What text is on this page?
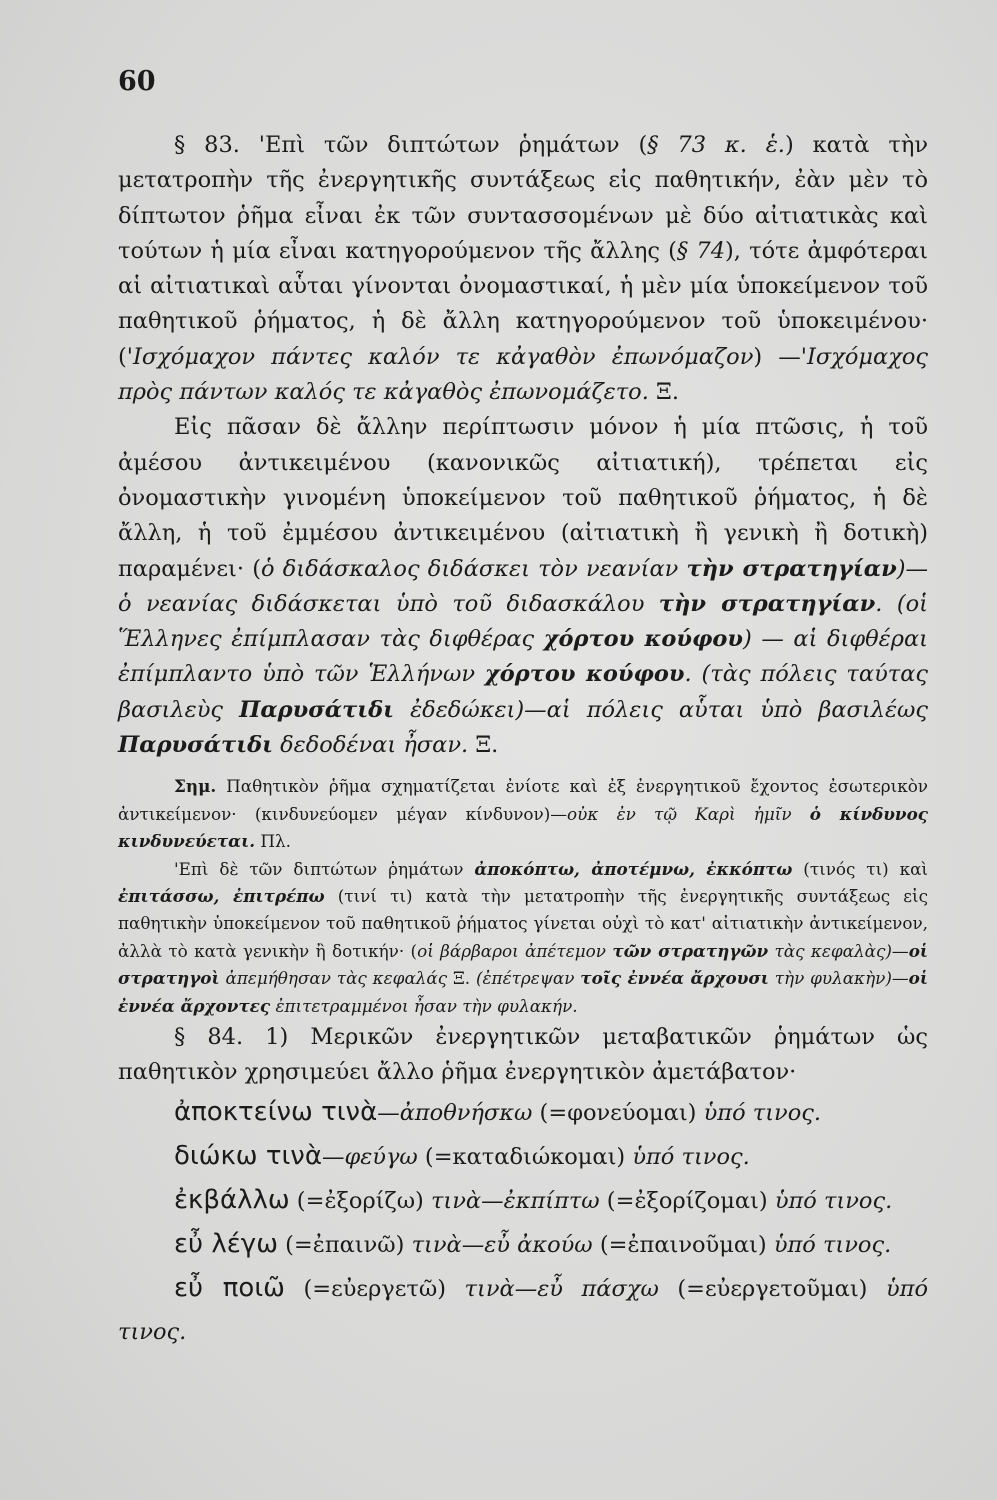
60

§ 83. 'Επὶ τῶν διπτώτων ῥημάτων (§ 73 κ. ἑ.) κατὰ τὴν μετατροπὴν τῆς ἐνεργητικῆς συντάξεως εἰς παθητικήν, ἐὰν μὲν τὸ δίπτωτον ῥῆμα εἶναι ἐκ τῶν συντασσομένων μὲ δύο αἰτιατικὰς καὶ τούτων ἡ μία εἶναι κατηγορούμενον τῆς ἄλλης (§ 74), τότε ἀμφότεραι αἱ αἰτιατικαὶ αὗται γίνονται ὀνομαστικαί, ἡ μὲν μία ὑποκείμενον τοῦ παθητικοῦ ῥήματος, ἡ δὲ ἄλλη κατηγορούμενον τοῦ ὑποκειμένου· ('Ισχόμαχον πάντες καλόν τε κἀγαθὸν ἐπωνόμαζον) —'Ισχόμαχος πρὸς πάντων καλός τε κἀγαθὸς ἐπωνομάζετο. Ξ.

Εἰς πᾶσαν δὲ ἄλλην περίπτωσιν μόνον ἡ μία πτῶσις, ἡ τοῦ ἀμέσου ἀντικειμένου (κανονικῶς αἰτιατική), τρέπεται εἰς ὀνομαστικὴν γινομένη ὑποκείμενον τοῦ παθητικοῦ ῥήματος, ἡ δὲ ἄλλη, ἡ τοῦ ἐμμέσου ἀντικειμένου (αἰτιατικὴ ἢ γενικὴ ἢ δοτικὴ) παραμένει· (ὁ διδάσκαλος διδάσκει τὸν νεανίαν τὴν στρατηγίαν)—ὁ νεανίας διδάσκεται ὑπὸ τοῦ διδασκάλου τὴν στρατηγίαν. (οἱ Ἕλληνες ἐπίμπλασαν τὰς διφθέρας χόρτου κούφου) — αἱ διφθέραι ἐπίμπλαντο ὑπὸ τῶν Ἑλλήνων χόρτου κούφου. (τὰς πόλεις ταύτας βασιλεὺς Παρυσάτιδι ἐδεδώκει)—αἱ πόλεις αὗται ὑπὸ βασιλέως Παρυσάτιδι δεδοδέναι ἦσαν. Ξ.

Σημ. Παθητικὸν ῥῆμα σχηματίζεται ἐνίοτε καὶ ἐξ ἐνεργητικοῦ ἔχοντος ἐσωτερικὸν ἀντικείμενον· (κινδυνεύομεν μέγαν κίνδυνον)—οὐκ ἐν τῷ Καρὶ ἡμῖν ὁ κίνδυνος κινδυνεύεται. Πλ.

'Επὶ δὲ τῶν διπτώτων ῥημάτων ἀποκόπτω, ἀποτέμνω, ἐκκόπτω (τινός τι) καὶ ἐπιτάσσω, ἐπιτρέπω (τινί τι) κατὰ τὴν μετατροπὴν τῆς ἐνεργητικῆς συντάξεως εἰς παθητικὴν ὑποκείμενον τοῦ παθητικοῦ ῥήματος γίνεται οὐχὶ τὸ κατ' αἰτιατικὴν ἀντικείμενον, ἀλλὰ τὸ κατὰ γενικὴν ἢ δοτικήν· (οἱ βάρβαροι ἀπέτεμον τῶν στρατηγῶν τὰς κεφαλὰς)—οἱ στρατηγοὶ ἀπεμήθησαν τὰς κεφαλάς Ξ. (ἐπέτρεψαν τοῖς ἐννέα ἄρχουσι τὴν φυλακὴν)—οἱ ἐννέα ἄρχοντες ἐπιτετραμμένοι ἦσαν τὴν φυλακήν.

§ 84. 1) Μερικῶν ἐνεργητικῶν μεταβατικῶν ῥημάτων ὡς παθητικὸν χρησιμεύει ἄλλο ῥῆμα ἐνεργητικὸν ἀμετάβατον·

ἀποκτείνω τινὰ—ἀποθνήσκω (=φονεύομαι) ὑπό τινος.

διώκω τινὰ—φεύγω (=καταδιώκομαι) ὑπό τινος.

ἐκβάλλω (=ἐξορίζω) τινὰ—ἐκπίπτω (=ἐξορίζομαι) ὑπό τινος.

εὖ λέγω (=ἐπαινῶ) τινὰ—εὖ ἀκούω (=ἐπαινοῦμαι) ὑπό τινος.

εὖ ποιῶ (=εὐεργετῶ) τινὰ—εὖ πάσχω (=εὐεργετοῦμαι) ὑπό τινος.
